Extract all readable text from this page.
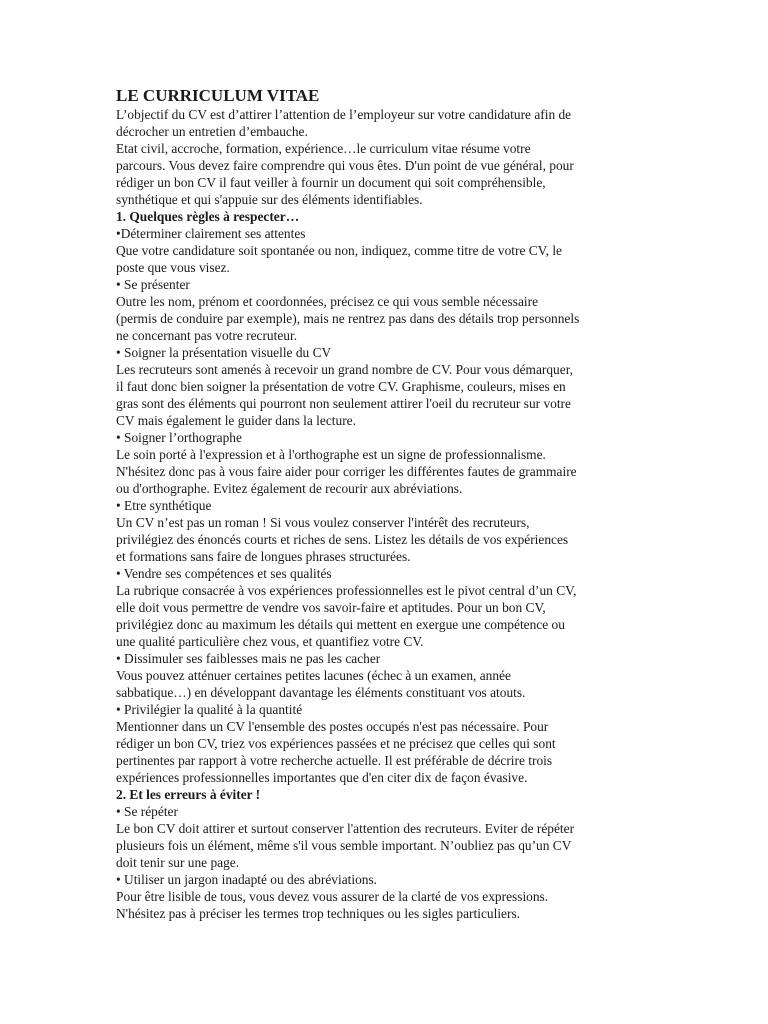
LE CURRICULUM VITAE
L’objectif du CV est d’attirer l’attention de l’employeur sur votre candidature afin de
décrocher un entretien d’embauche.
Etat civil, accroche, formation, expérience…le curriculum vitae résume votre
parcours. Vous devez faire comprendre qui vous êtes. D'un point de vue général, pour
rédiger un bon CV il faut veiller à fournir un document qui soit compréhensible,
synthétique et qui s'appuie sur des éléments identifiables.
1. Quelques règles à respecter…
•Déterminer clairement ses attentes
Que votre candidature soit spontanée ou non, indiquez, comme titre de votre CV, le
poste que vous visez.
• Se présenter
Outre les nom, prénom et coordonnées, précisez ce qui vous semble nécessaire
(permis de conduire par exemple), mais ne rentrez pas dans des détails trop personnels
ne concernant pas votre recruteur.
• Soigner la présentation visuelle du CV
Les recruteurs sont amenés à recevoir un grand nombre de CV. Pour vous démarquer,
il faut donc bien soigner la présentation de votre CV. Graphisme, couleurs, mises en
gras sont des éléments qui pourront non seulement attirer l'oeil du recruteur sur votre
CV mais également le guider dans la lecture.
• Soigner l’orthographe
Le soin porté à l'expression et à l'orthographe est un signe de professionnalisme.
N'hésitez donc pas à vous faire aider pour corriger les différentes fautes de grammaire
ou d'orthographe. Evitez également de recourir aux abréviations.
• Etre synthétique
Un CV n’est pas un roman ! Si vous voulez conserver l'intérêt des recruteurs,
privilégiez des énoncés courts et riches de sens. Listez les détails de vos expériences
et formations sans faire de longues phrases structurées.
• Vendre ses compétences et ses qualités
La rubrique consacrée à vos expériences professionnelles est le pivot central d’un CV,
elle doit vous permettre de vendre vos savoir-faire et aptitudes. Pour un bon CV,
privilégiez donc au maximum les détails qui mettent en exergue une compétence ou
une qualité particulière chez vous, et quantifiez votre CV.
• Dissimuler ses faiblesses mais ne pas les cacher
Vous pouvez atténuer certaines petites lacunes (échec à un examen, année
sabbatique…) en développant davantage les éléments constituant vos atouts.
• Privilégier la qualité à la quantité
Mentionner dans un CV l'ensemble des postes occupés n'est pas nécessaire. Pour
rédiger un bon CV, triez vos expériences passées et ne précisez que celles qui sont
pertinentes par rapport à votre recherche actuelle. Il est préférable de décrire trois
expériences professionnelles importantes que d'en citer dix de façon évasive.
2. Et les erreurs à éviter !
• Se répéter
Le bon CV doit attirer et surtout conserver l'attention des recruteurs. Eviter de répéter
plusieurs fois un élément, même s'il vous semble important. N’oubliez pas qu’un CV
doit tenir sur une page.
• Utiliser un jargon inadapté ou des abréviations.
Pour être lisible de tous, vous devez vous assurer de la clarté de vos expressions.
N'hésitez pas à préciser les termes trop techniques ou les sigles particuliers.
